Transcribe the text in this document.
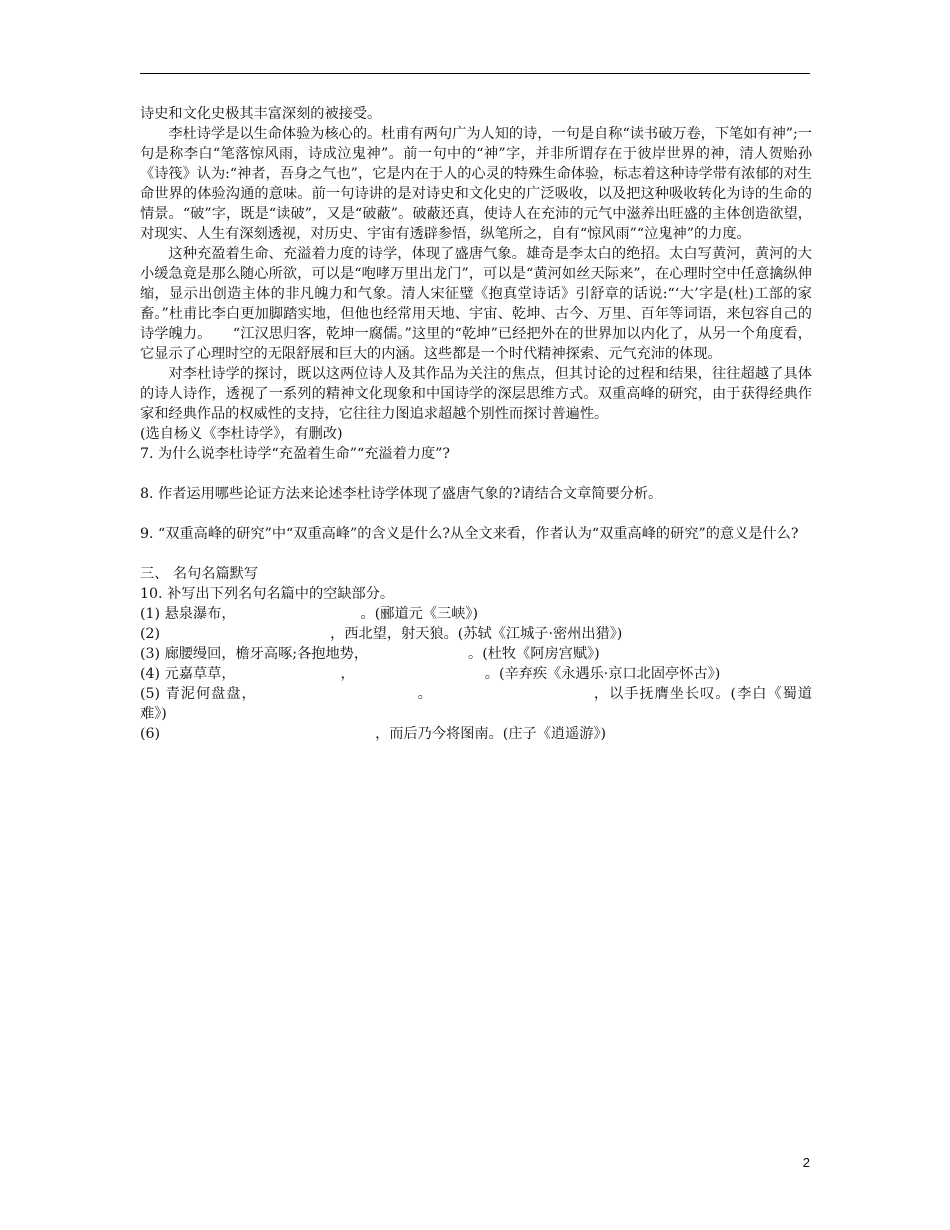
诗史和文化史极其丰富深刻的被接受。

李杜诗学是以生命体验为核心的。杜甫有两句广为人知的诗，一句是自称“读书破万卷，下笔如有神”;一句是称李白“笔落惊风雨，诗成泣鬼神”。前一句中的“神”字，并非所谓存在于彼岸世界的神，清人贺贻孙《诗筏》认为:“神者，吾身之气也”，它是内在于人的心灵的特殊生命体验，标志着这种诗学带有浓郁的对生命世界的体验沟通的意味。前一句诗讲的是对诗史和文化史的广泛吸收，以及把这种吸收转化为诗的生命的情景。“破”字，既是“读破”，又是“破蔽”。破蔽还真，使诗人在充沛的元气中滋养出旺盛的主体创造欲望，对现实、人生有深刻透视，对历史、宇宙有透辟参悟，纵笔所之，自有“惊风雨”“泣鬼神”的力度。

这种充盈着生命、充溢着力度的诗学，体现了盛唐气象。雄奇是李太白的绝招。太白写黄河，黄河的大小缓急竟是那么随心所欲，可以是“咆哮万里出龙门”，可以是“黄河如丝天际来”，在心理时空中任意擒纵伸缩，显示出创造主体的非凡魄力和气象。清人宋征璧《抱真堂诗话》引舒章的话说:“‘大’字是(杜)工部的家畜。”杜甫比李白更加脚踏实地，但他也经常用天地、宇宙、乾坤、古今、万里、百年等词语，来包容自己的诗学魄力。　　“江汉思归客，乾坤一腐儒。”这里的“乾坤”已经把外在的世界加以内化了，从另一个角度看，它显示了心理时空的无限舒展和巨大的内涵。这些都是一个时代精神探索、元气充沛的体现。

对李杜诗学的探讨，既以这两位诗人及其作品为关注的焦点，但其讨论的过程和结果，往往超越了具体的诗人诗作，透视了一系列的精神文化现象和中国诗学的深层思维方式。双重高峰的研究，由于获得经典作家和经典作品的权威性的支持，它往往力图追求超越个别性而探讨普遍性。

(选自杨义《李杜诗学》，有删改)

7. 为什么说李杜诗学“充盈着生命”“充溢着力度”?

8. 作者运用哪些论证方法来论述李杜诗学体现了盛唐气象的?请结合文章简要分析。

9. “双重高峰的研究”中“双重高峰”的含义是什么?从全文来看，作者认为“双重高峰的研究”的意义是什么?

三、 名句名篇默写

10. 补写出下列名句名篇中的空缺部分。

(1) 悬泉瀑布，	。(郦道元《三峡》)

(2)	，西北望，射天狼。(苏轼《江城子·密州出猎》)

(3) 廊腰缦回，檐牙高啄;各抱地势，	。(杜牧《阿房宫赋》)

(4) 元嘉草草，	，	。(辛弃疾《永遇乐·京口北固亭怀古》)

(5) 青泥何盘盘，	。	，以手抚膺坐长叹。(李白《蜀道难》)

(6)	，而后乃今将图南。(庄子《逍遥游》)

2
